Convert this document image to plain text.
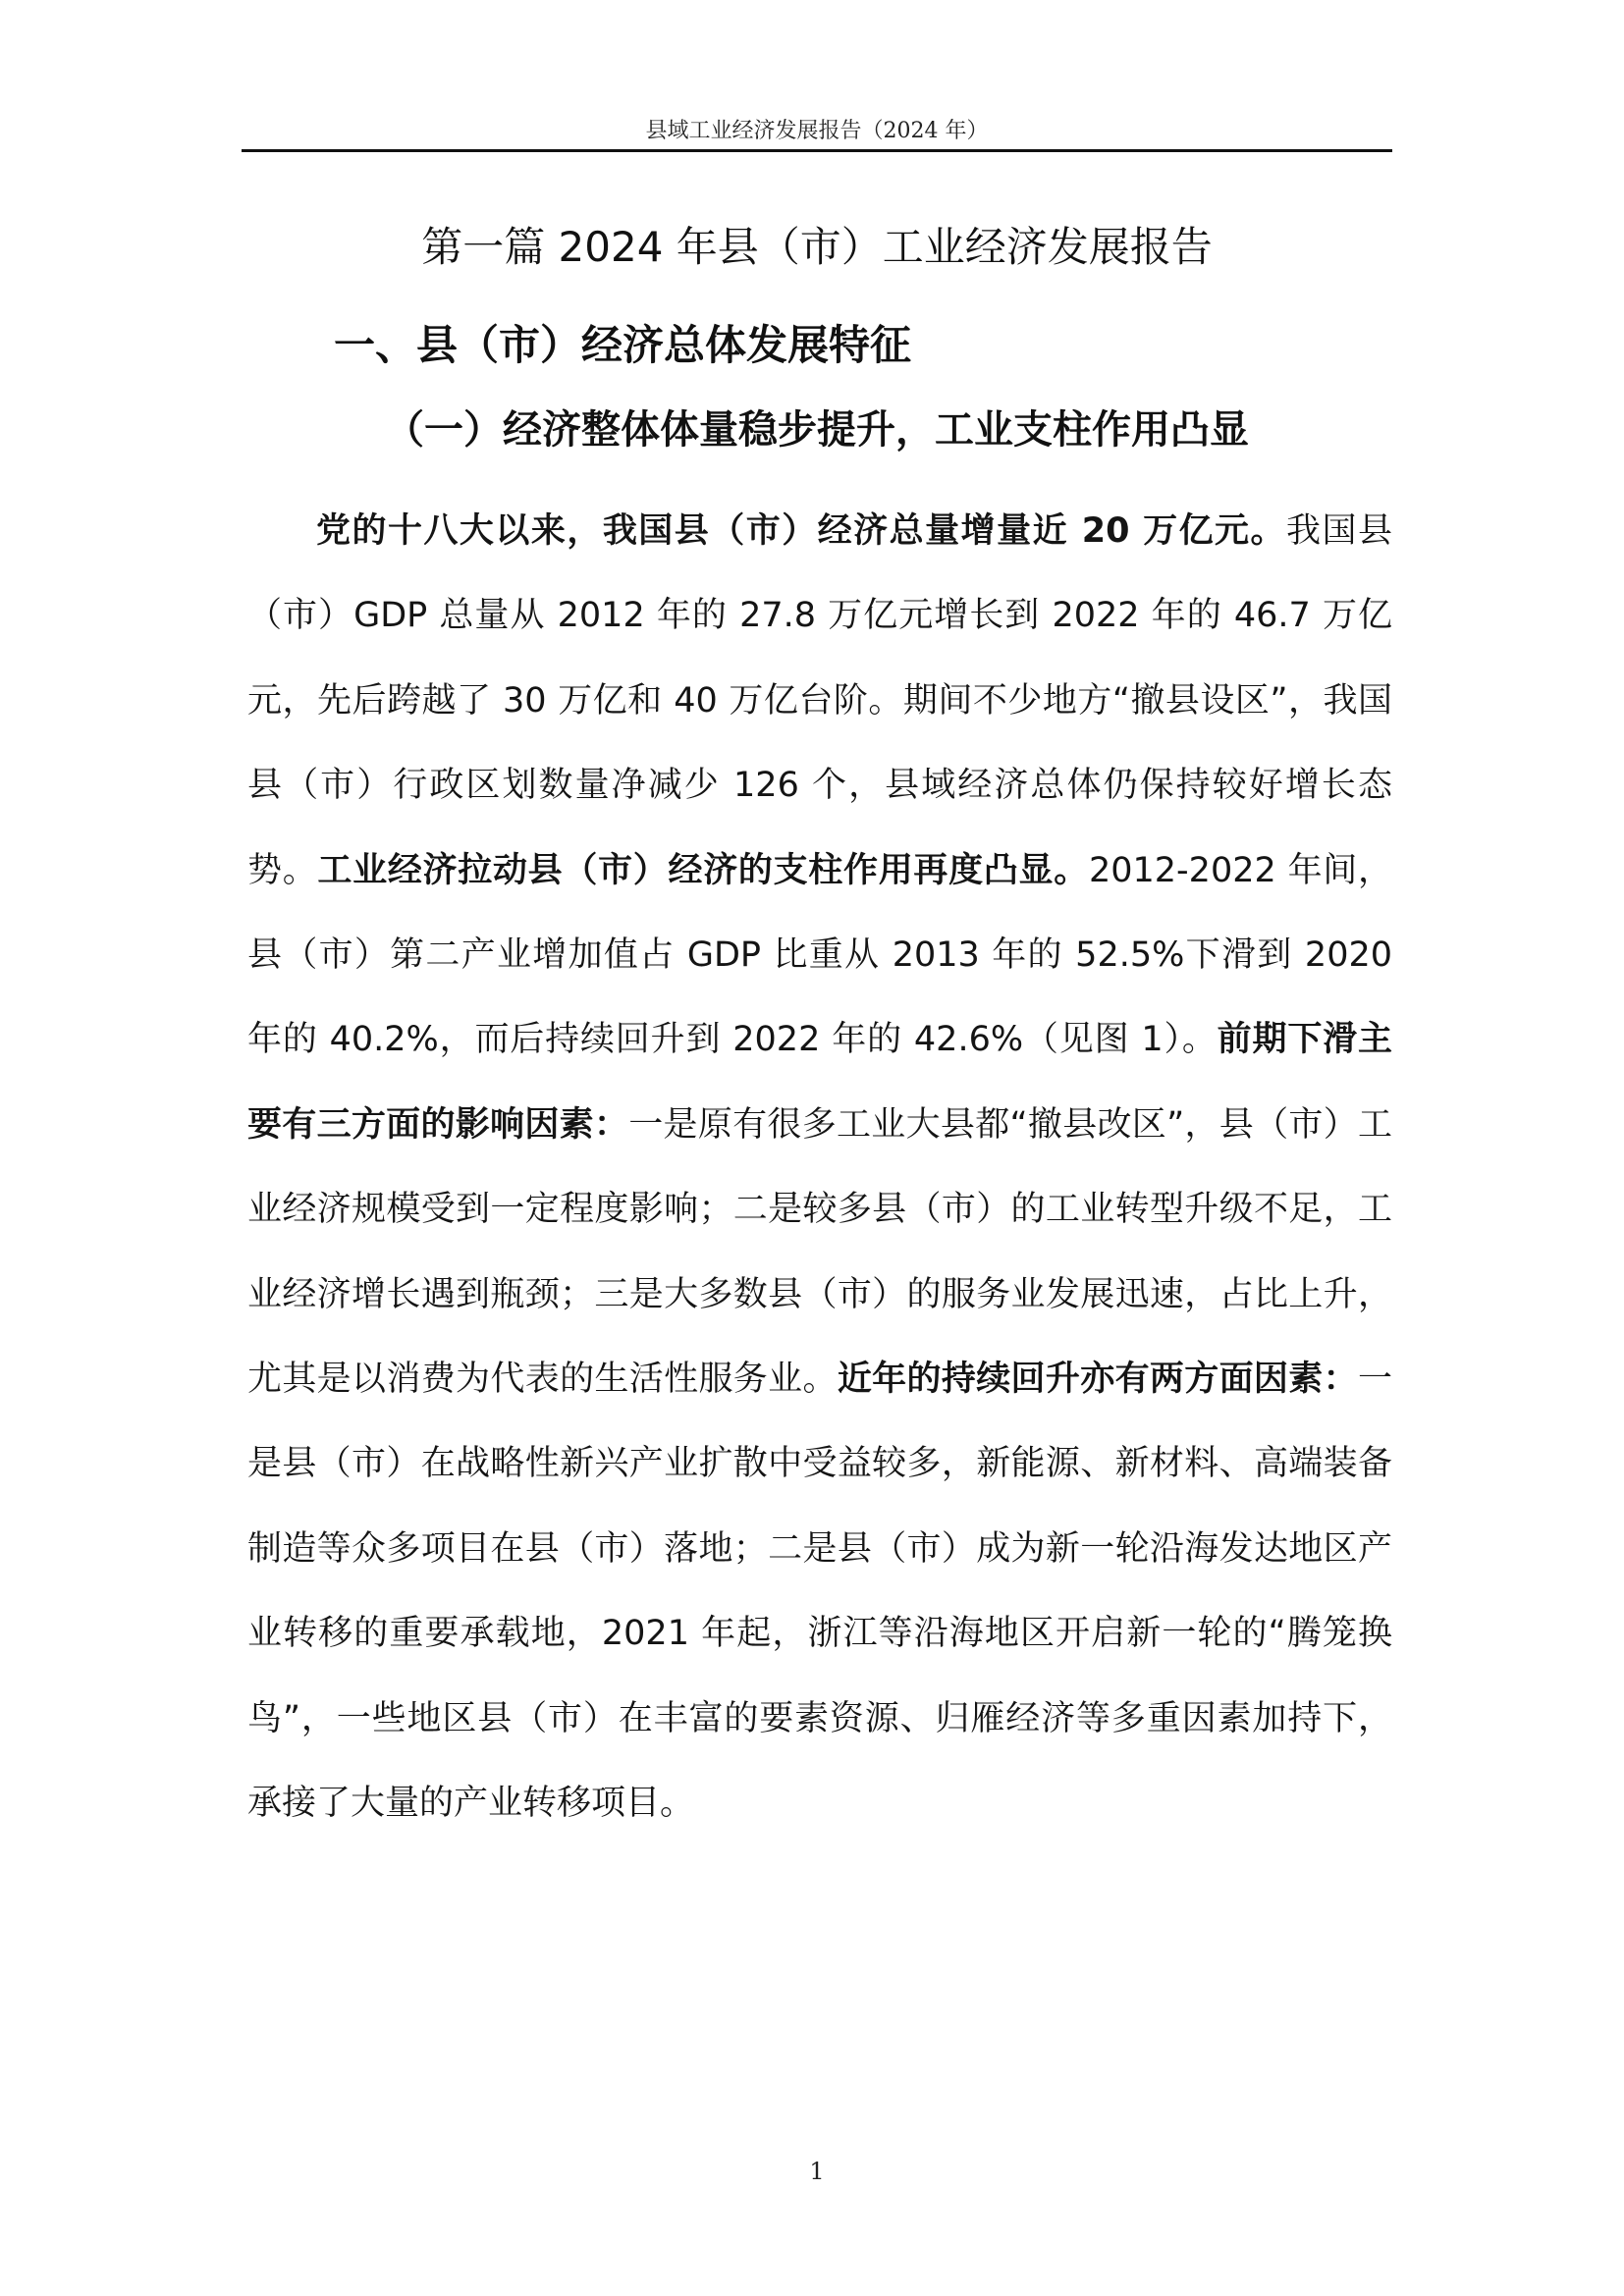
县域工业经济发展报告（2024 年）
第一篇 2024 年县（市）工业经济发展报告
一、县（市）经济总体发展特征
（一）经济整体体量稳步提升，工业支柱作用凸显

党的十八大以来，我国县（市）经济总量增量近 20 万亿元。我国县（市）GDP 总量从 2012 年的 27.8 万亿元增长到 2022 年的 46.7 万亿元，先后跨越了 30 万亿和 40 万亿台阶。期间不少地方“撤县设区”，我国县（市）行政区划数量净减少 126 个，县域经济总体仍保持较好增长态势。工业经济拉动县（市）经济的支柱作用再度凸显。2012-2022 年间，县（市）第二产业增加值占 GDP 比重从 2013 年的 52.5%下滑到 2020 年的 40.2%，而后持续回升到 2022 年的 42.6%（见图 1）。前期下滑主要有三方面的影响因素：一是原有很多工业大县都“撤县改区”，县（市）工业经济规模受到一定程度影响；二是较多县（市）的工业转型升级不足，工业经济增长遇到瓶颈；三是大多数县（市）的服务业发展迅速，占比上升，尤其是以消费为代表的生活性服务业。近年的持续回升亦有两方面因素：一是县（市）在战略性新兴产业扩散中受益较多，新能源、新材料、高端装备制造等众多项目在县（市）落地；二是县（市）成为新一轮沿海发达地区产业转移的重要承载地，2021 年起，浙江等沿海地区开启新一轮的“腾笼换鸟”，一些地区县（市）在丰富的要素资源、归雁经济等多重因素加持下，承接了大量的产业转移项目。

1
